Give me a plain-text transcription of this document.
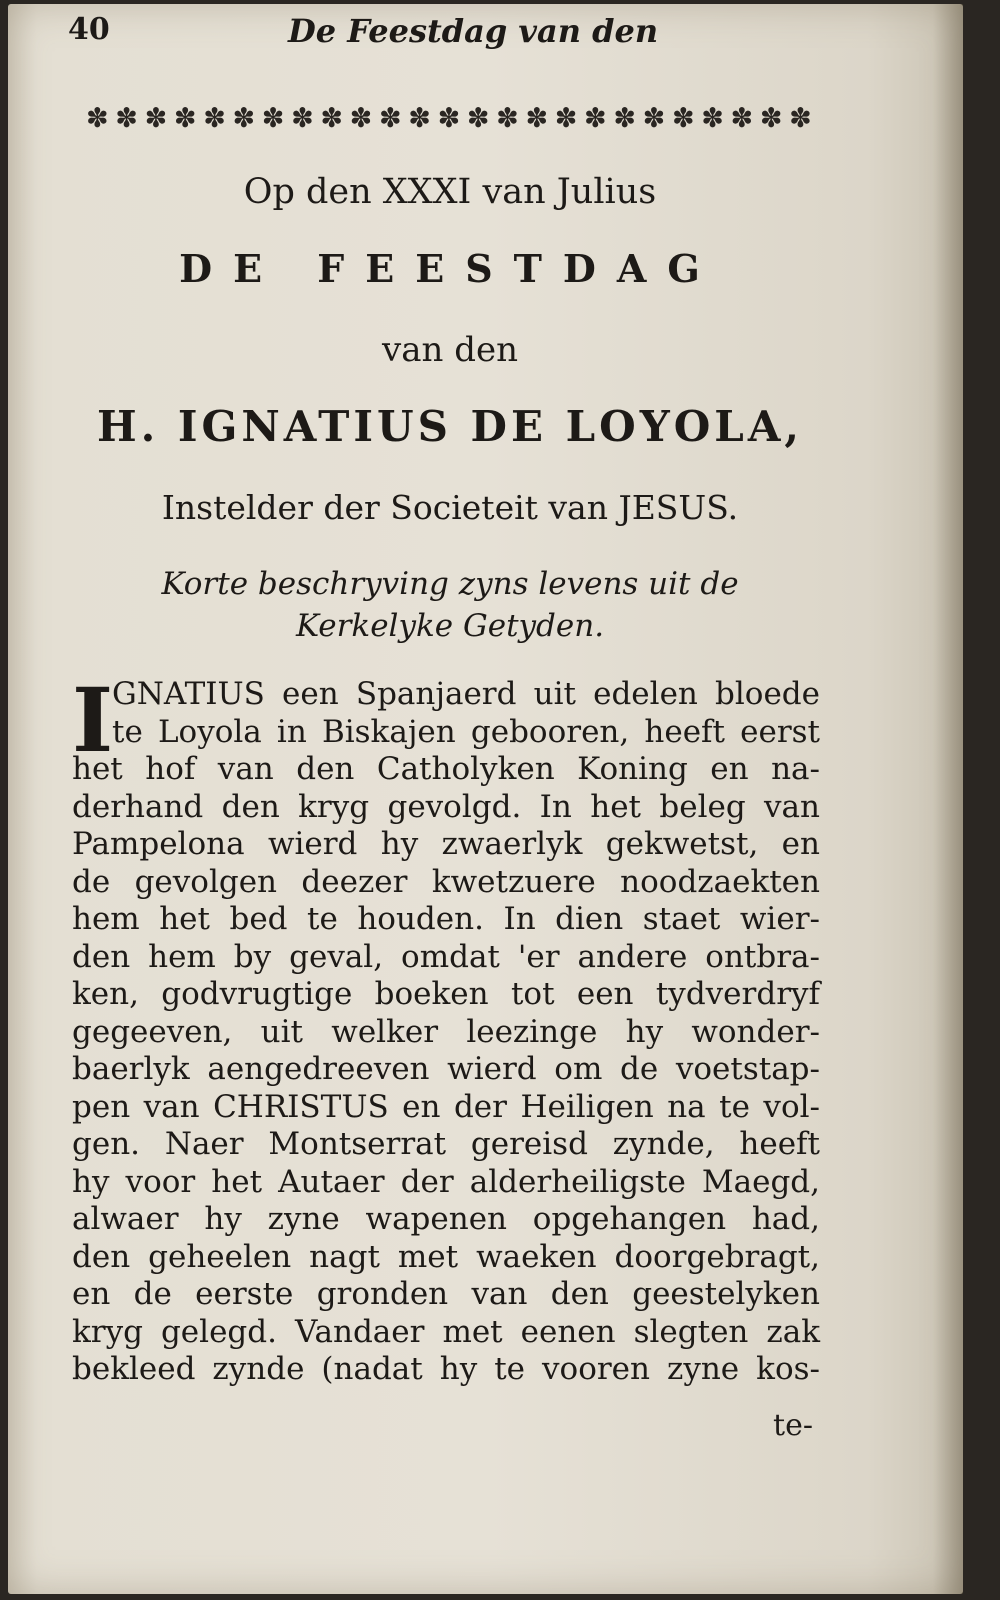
40	De Feestdag van den
✽ ✽ ✽ ✽ ✽ ✽ ✽ ✽ ✽ ✽ ✽ ✽ ✽ ✽ ✽ ✽ ✽ ✽ ✽ ✽ ✽ ✽ ✽ ✽ ✽
Op den XXXI van Julius
DE FEESTDAG
van den
H. IGNATIUS DE LOYOLA,
Instelder der Societeit van JESUS.
Korte beschryving zyns levens uit de
Kerkelyke Getyden.
I
GNATIUS een Spanjaerd uit edelen bloede
te Loyola in Biskajen gebooren, heeft eerst
het hof van den Catholyken Koning en na-
derhand den kryg gevolgd. In het beleg van
Pampelona wierd hy zwaerlyk gekwetst, en
de gevolgen deezer kwetzuere noodzaekten
hem het bed te houden. In dien staet wier-
den hem by geval, omdat 'er andere ontbra-
ken, godvrugtige boeken tot een tydverdryf
gegeeven, uit welker leezinge hy wonder-
baerlyk aengedreeven wierd om de voetstap-
pen van CHRISTUS en der Heiligen na te vol-
gen. Naer Montserrat gereisd zynde, heeft
hy voor het Autaer der alderheiligste Maegd,
alwaer hy zyne wapenen opgehangen had,
den geheelen nagt met waeken doorgebragt,
en de eerste gronden van den geestelyken
kryg gelegd. Vandaer met eenen slegten zak
bekleed zynde (nadat hy te vooren zyne kos-
te-
